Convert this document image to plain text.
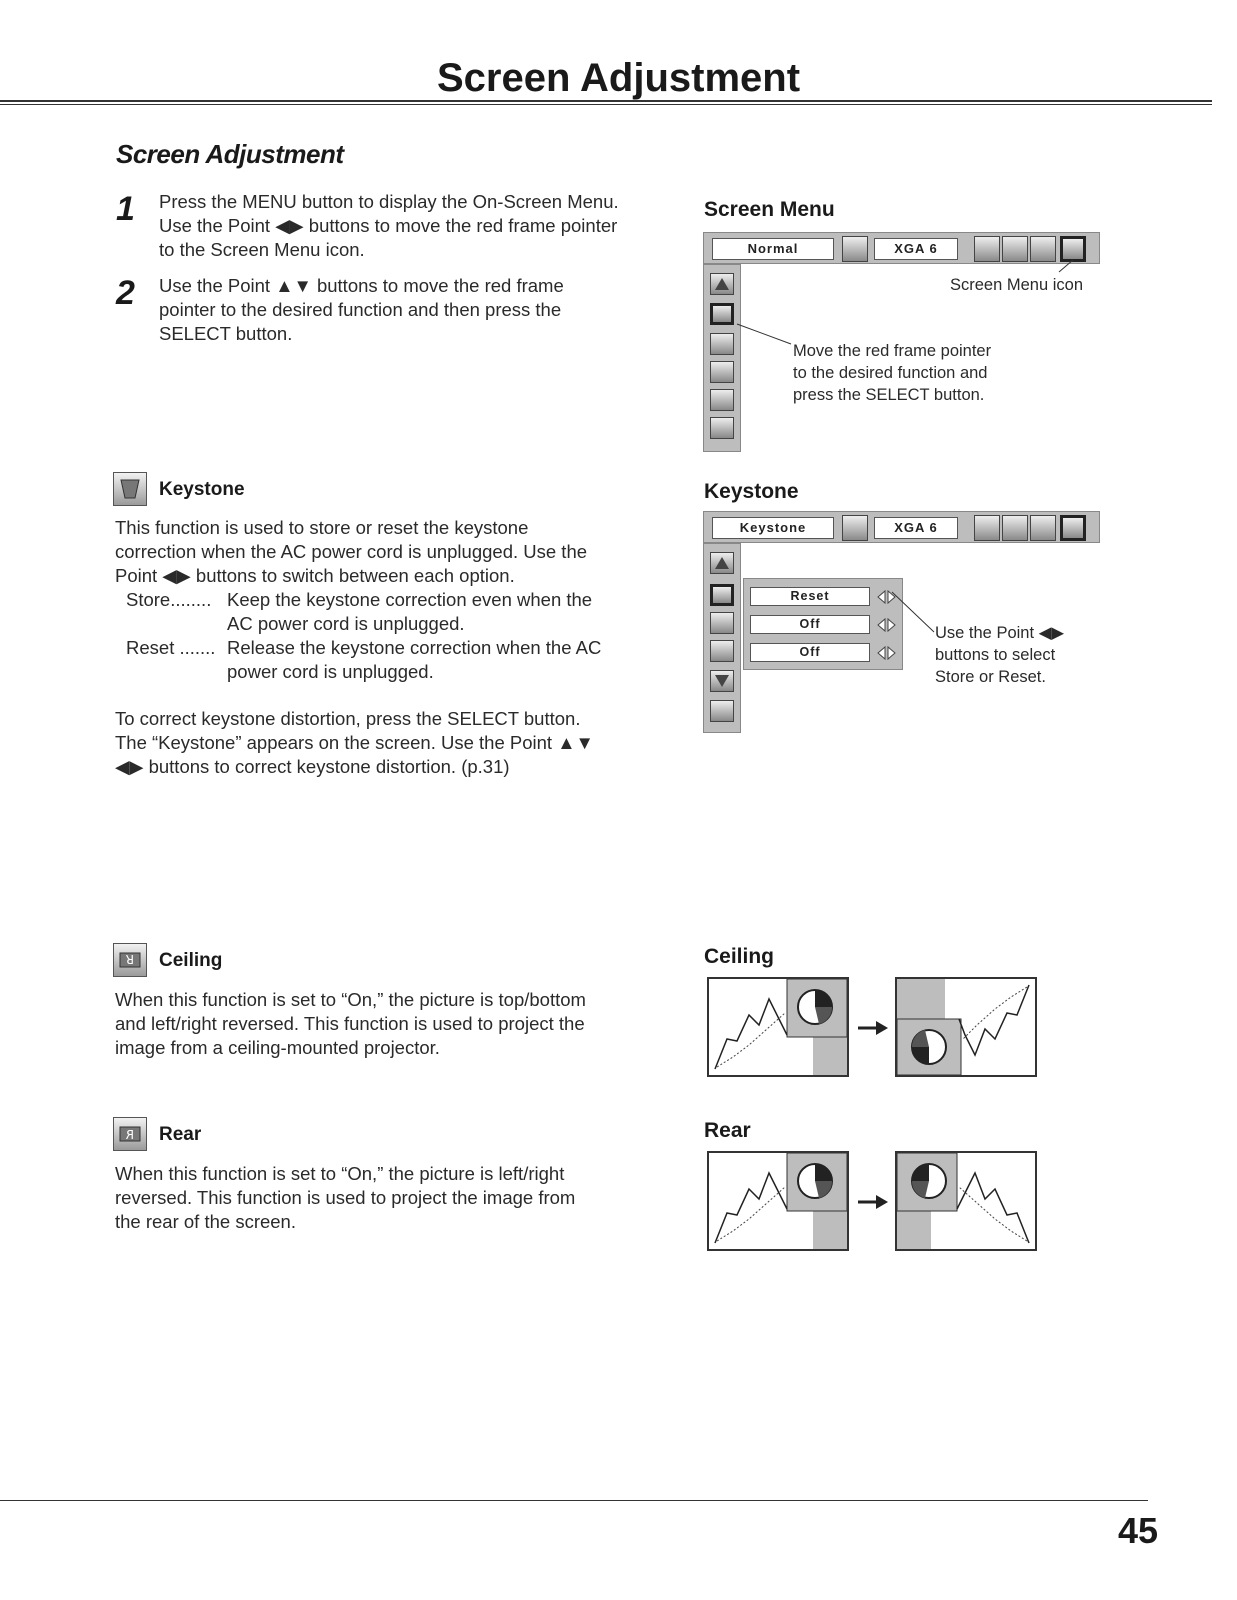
Screen Adjustment
Screen Adjustment
1 Press the MENU button to display the On-Screen Menu. Use the Point ◀▶ buttons to move the red frame pointer to the Screen Menu icon.
2 Use the Point ▲▼ buttons to move the red frame pointer to the desired function and then press the SELECT button.
Screen Menu
Normal	XGA 6
Screen Menu icon
Move the red frame pointer
to the desired function and
press the SELECT button.
Keystone
This function is used to store or reset the keystone
correction when the AC power cord is unplugged. Use the
Point ◀▶ buttons to switch between each option.
Store........ Keep the keystone correction even when the
AC power cord is unplugged.
Reset ....... Release the keystone correction when the AC
power cord is unplugged.
To correct keystone distortion, press the SELECT button.
The “Keystone” appears on the screen. Use the Point ▲▼
◀▶ buttons to correct keystone distortion. (p.31)
Keystone
Keystone	XGA 6
Reset
Off
Off
Use the Point ◀▶
buttons to select
Store or Reset.
R Ceiling
When this function is set to “On,” the picture is top/bottom
and left/right reversed. This function is used to project the
image from a ceiling-mounted projector.
Ceiling
R Rear
When this function is set to “On,” the picture is left/right
reversed. This function is used to project the image from
the rear of the screen.
Rear
45
